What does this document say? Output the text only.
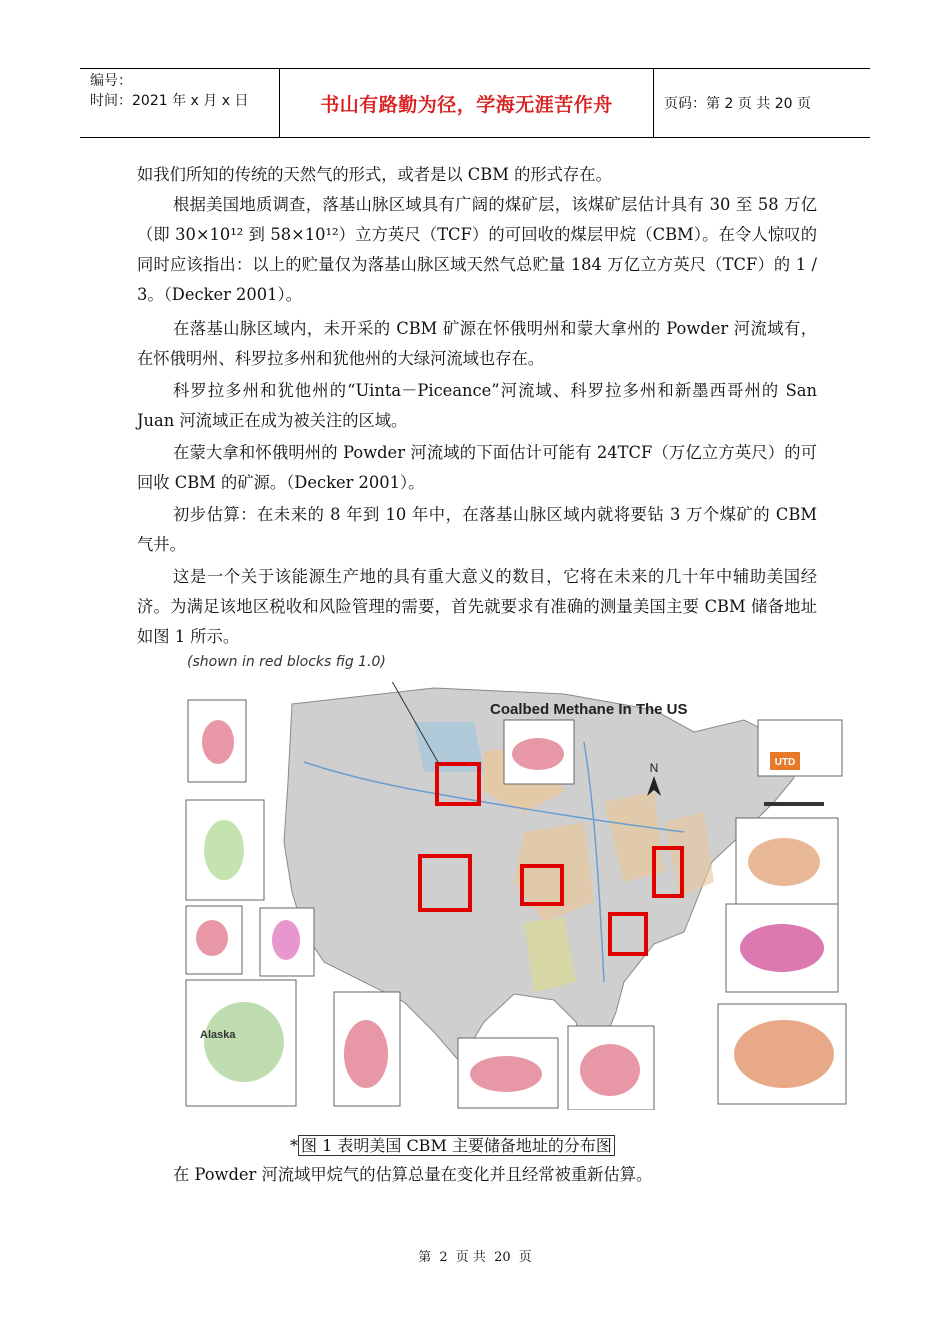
编号：
时间：2021 年 x 月 x 日	书山有路勤为径，学海无涯苦作舟	页码：第 2 页 共 20 页

如我们所知的传统的天然气的形式，或者是以 CBM 的形式存在。

根据美国地质调查，落基山脉区域具有广阔的煤矿层，该煤矿层估计具有 30 至 58 万亿（即 30×10¹² 到 58×10¹²）立方英尺（TCF）的可回收的煤层甲烷（CBM）。在令人惊叹的同时应该指出：以上的贮量仅为落基山脉区域天然气总贮量 184 万亿立方英尺（TCF）的 1 / 3。（Decker 2001）。

在落基山脉区域内，未开采的 CBM 矿源在怀俄明州和蒙大拿州的 Powder 河流域有，在怀俄明州、科罗拉多州和犹他州的大绿河流域也存在。

科罗拉多州和犹他州的“Uinta－Piceance”河流域、科罗拉多州和新墨西哥州的 San Juan 河流域正在成为被关注的区域。

在蒙大拿和怀俄明州的 Powder 河流域的下面估计可能有 24TCF（万亿立方英尺）的可回收 CBM 的矿源。（Decker 2001）。

初步估算：在未来的 8 年到 10 年中，在落基山脉区域内就将要钻 3 万个煤矿的 CBM 气井。

这是一个关于该能源生产地的具有重大意义的数目，它将在未来的几十年中辅助美国经济。为满足该地区税收和风险管理的需要，首先就要求有准确的测量美国主要 CBM 储备地址如图 1 所示。

(shown in red blocks fig 1.0)
UTD
Coalbed Methane In The US
N
Alaska
* 图 1 表明美国 CBM 主要储备地址的分布图

在 Powder 河流域甲烷气的估算总量在变化并且经常被重新估算。

第 2 页 共 20 页
